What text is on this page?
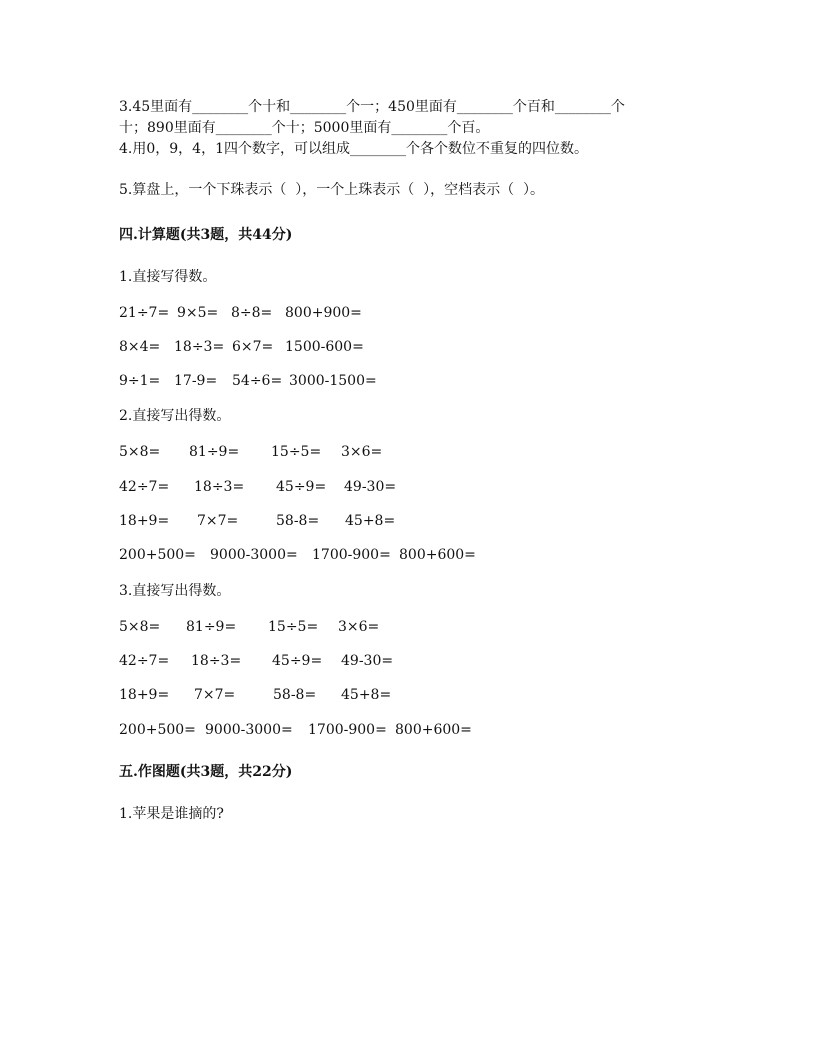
3.45里面有________个十和________个一；450里面有________个百和________个
十；890里面有________个十；5000里面有________个百。
4.用0，9，4，1四个数字，可以组成________个各个数位不重复的四位数。
5.算盘上，一个下珠表示（  ），一个上珠表示（  ），空档表示（  ）。
四.计算题(共3题，共44分)
1.直接写得数。
21÷7= 9×5= 8÷8= 800+900=
8×4= 18÷3= 6×7= 1500-600=
9÷1= 17-9= 54÷6= 3000-1500=
2.直接写出得数。
5×8= 81÷9= 15÷5= 3×6=
42÷7= 18÷3= 45÷9= 49-30=
18+9= 7×7=	58-8= 45+8=
200+500= 9000-3000= 1700-900= 800+600=
3.直接写出得数。
5×8= 81÷9= 15÷5= 3×6=
42÷7= 18÷3= 45÷9= 49-30=
18+9= 7×7=	58-8= 45+8=
200+500= 9000-3000= 1700-900= 800+600=
五.作图题(共3题，共22分)
1.苹果是谁摘的?
